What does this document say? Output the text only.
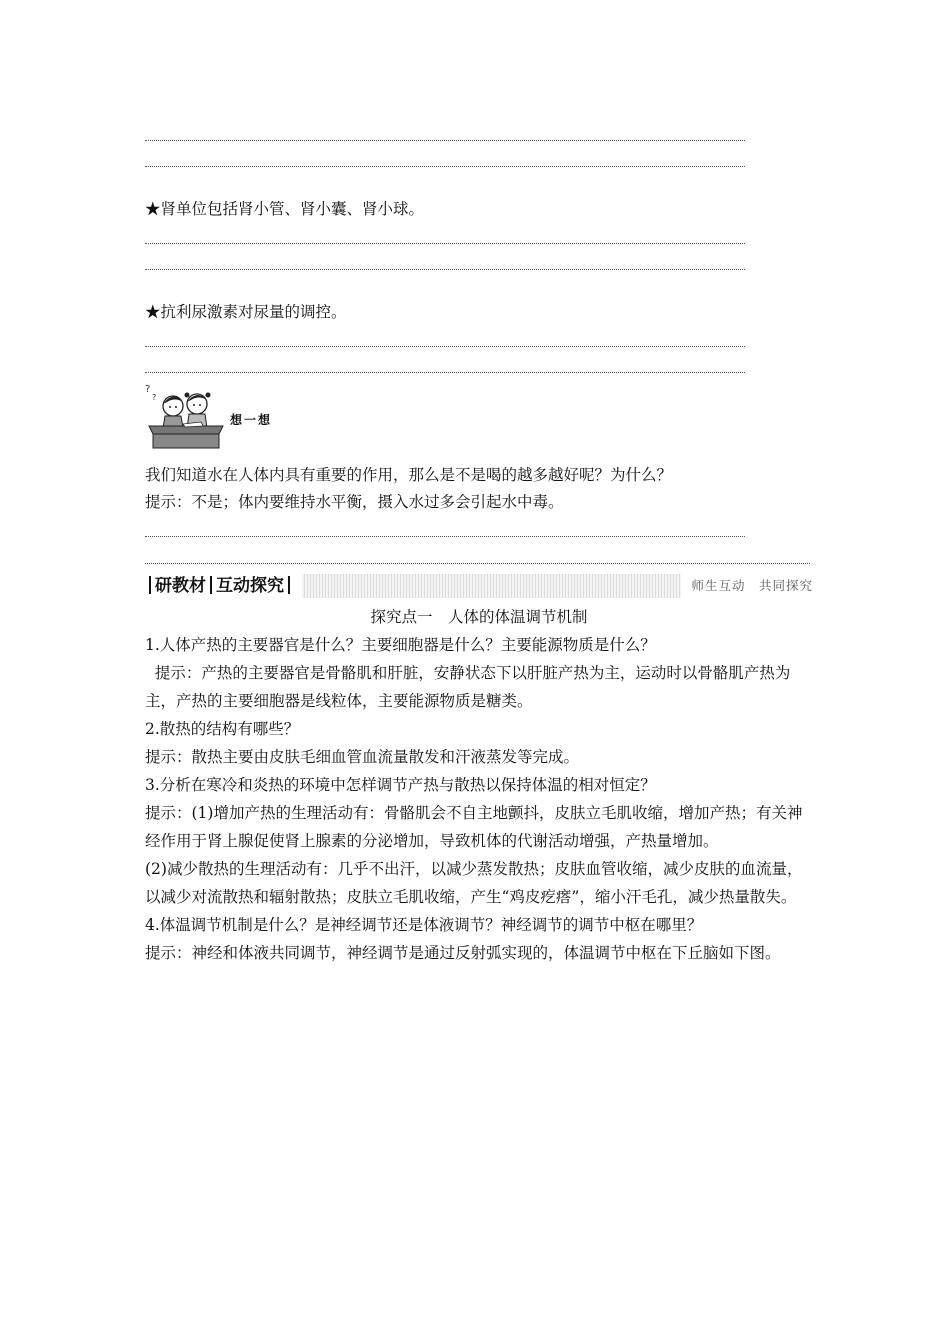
★肾单位包括肾小管、肾小囊、肾小球。
★抗利尿激素对尿量的调控。
?
?
想一想
我们知道水在人体内具有重要的作用，那么是不是喝的越多越好呢？为什么？
提示：不是；体内要维持水平衡，摄入水过多会引起水中毒。
研教材 互动探究	师生互动　共同探究
探究点一　人体的体温调节机制

1.人体产热的主要器官是什么？主要细胞器是什么？主要能源物质是什么？

提示：产热的主要器官是骨骼肌和肝脏，安静状态下以肝脏产热为主，运动时以骨骼肌产热为主，产热的主要细胞器是线粒体，主要能源物质是糖类。

2.散热的结构有哪些？

提示：散热主要由皮肤毛细血管血流量散发和汗液蒸发等完成。

3.分析在寒冷和炎热的环境中怎样调节产热与散热以保持体温的相对恒定？

提示：(1)增加产热的生理活动有：骨骼肌会不自主地颤抖，皮肤立毛肌收缩，增加产热；有关神经作用于肾上腺促使肾上腺素的分泌增加，导致机体的代谢活动增强，产热量增加。

(2)减少散热的生理活动有：几乎不出汗，以减少蒸发散热；皮肤血管收缩，减少皮肤的血流量，以减少对流散热和辐射散热；皮肤立毛肌收缩，产生“鸡皮疙瘩”，缩小汗毛孔，减少热量散失。

4.体温调节机制是什么？是神经调节还是体液调节？神经调节的调节中枢在哪里？

提示：神经和体液共同调节，神经调节是通过反射弧实现的，体温调节中枢在下丘脑如下图。
